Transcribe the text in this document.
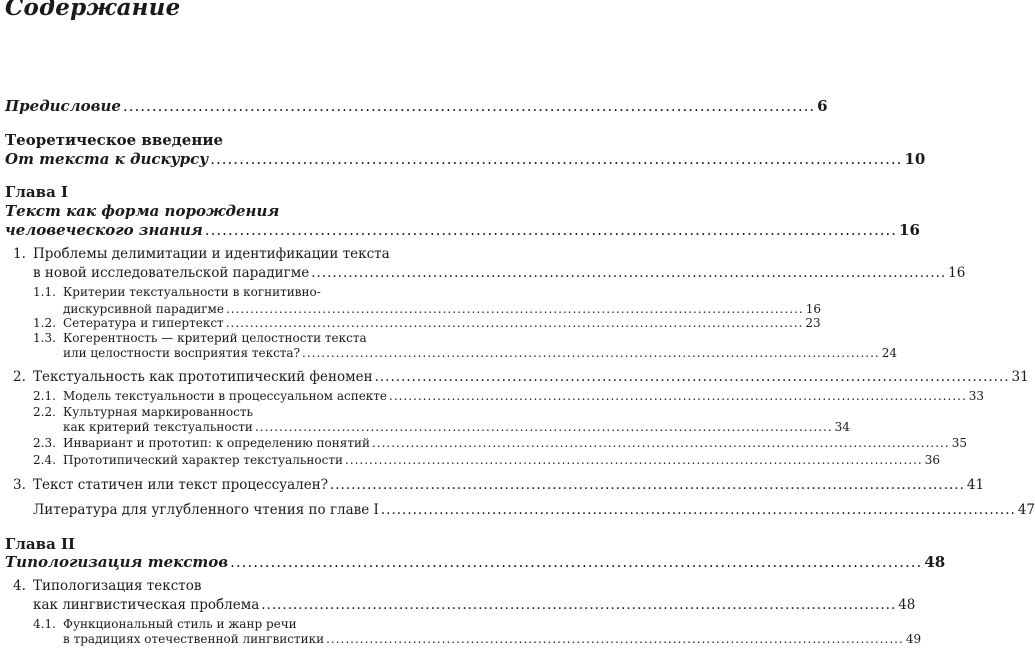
Содержание
Предисловие ........................................................................................................................ 6
Теоретическое введение
От текста к дискурсу ........................................................................................................................ 10
Глава I
Текст как форма порождения
человеческого знания ........................................................................................................................ 16
1. Проблемы делимитации и идентификации текста
в новой исследовательской парадигме ........................................................................................................................ 16
1.1. Критерии текстуальности в когнитивно-
дискурсивной парадигме ........................................................................................................................ 16
1.2. Сетература и гипертекст ........................................................................................................................ 23
1.3. Когерентность — критерий целостности текста
или целостности восприятия текста? ........................................................................................................................ 24
2. Текстуальность как прототипический феномен ........................................................................................................................ 31
2.1. Модель текстуальности в процессуальном аспекте ........................................................................................................................ 33
2.2. Культурная маркированность
как критерий текстуальности ........................................................................................................................ 34
2.3. Инвариант и прототип: к определению понятий ........................................................................................................................ 35
2.4. Прототипический характер текстуальности ........................................................................................................................ 36
3. Текст статичен или текст процессуален? ........................................................................................................................ 41
Литература для углубленного чтения по главе I ........................................................................................................................ 47
Глава II
Типологизация текстов ........................................................................................................................ 48
4. Типологизация текстов
как лингвистическая проблема ........................................................................................................................ 48
4.1. Функциональный стиль и жанр речи
в традициях отечественной лингвистики ........................................................................................................................ 49
